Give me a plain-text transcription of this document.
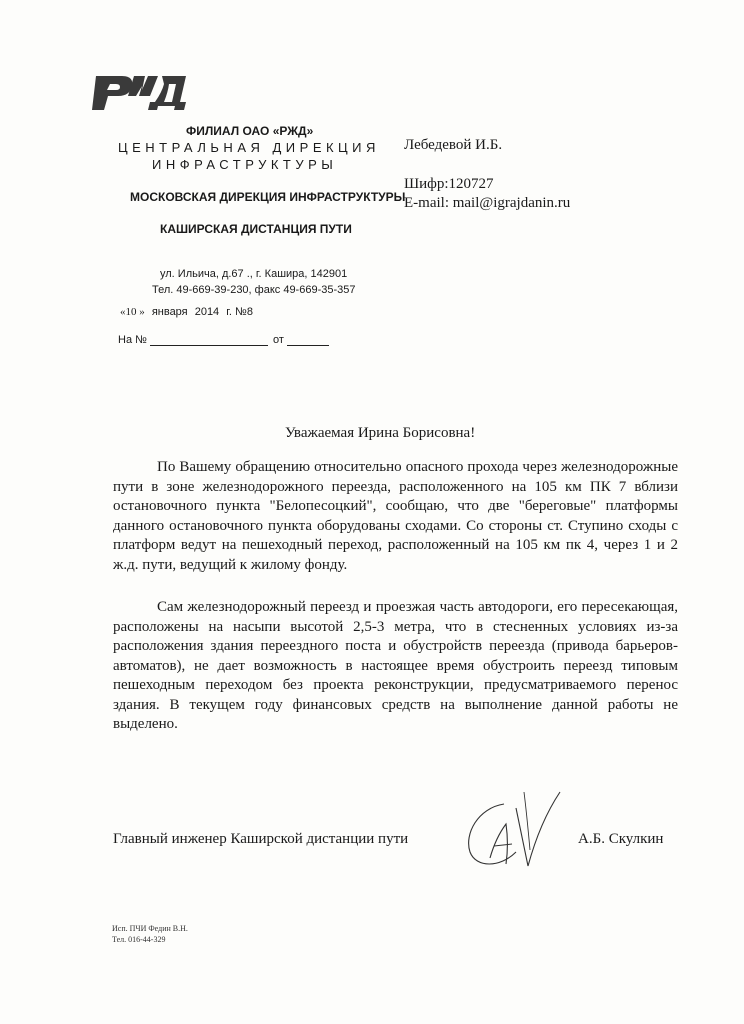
ФИЛИАЛ ОАО «РЖД»
ЦЕНТРАЛЬНАЯ ДИРЕКЦИЯ
ИНФРАСТРУКТУРЫ
МОСКОВСКАЯ ДИРЕКЦИЯ ИНФРАСТРУКТУРЫ
КАШИРСКАЯ ДИСТАНЦИЯ ПУТИ
ул. Ильича, д.67 ., г. Кашира, 142901
Тел. 49-669-39-230, факс 49-669-35-357
«10 » января 2014 г. №8
На №	от
Лебедевой И.Б.
Шифр:120727
E-mail: mail@igrajdanin.ru
Уважаемая Ирина Борисовна!
По Вашему обращению относительно опасного прохода через железнодорожные пути в зоне железнодорожного переезда, расположенного на 105 км ПК 7 вблизи остановочного пункта "Белопесоцкий", сообщаю, что две "береговые" платформы данного остановочного пункта оборудованы сходами. Со стороны ст. Ступино сходы с платформ ведут на пешеходный переход, расположенный на 105 км пк 4, через 1 и 2 ж.д. пути, ведущий к жилому фонду.
Сам железнодорожный переезд и проезжая часть автодороги, его пересекающая, расположены на насыпи высотой 2,5-3 метра, что в стесненных условиях из-за расположения здания переездного поста и обустройств переезда (привода барьеров-автоматов), не дает возможность в настоящее время обустроить переезд типовым пешеходным переходом без проекта реконструкции, предусматриваемого перенос здания. В текущем году финансовых средств на выполнение данной работы не выделено.
Главный инженер Каширской дистанции пути	А.Б. Скулкин
Исп. ПЧИ Федин В.Н.
Тел. 016-44-329
